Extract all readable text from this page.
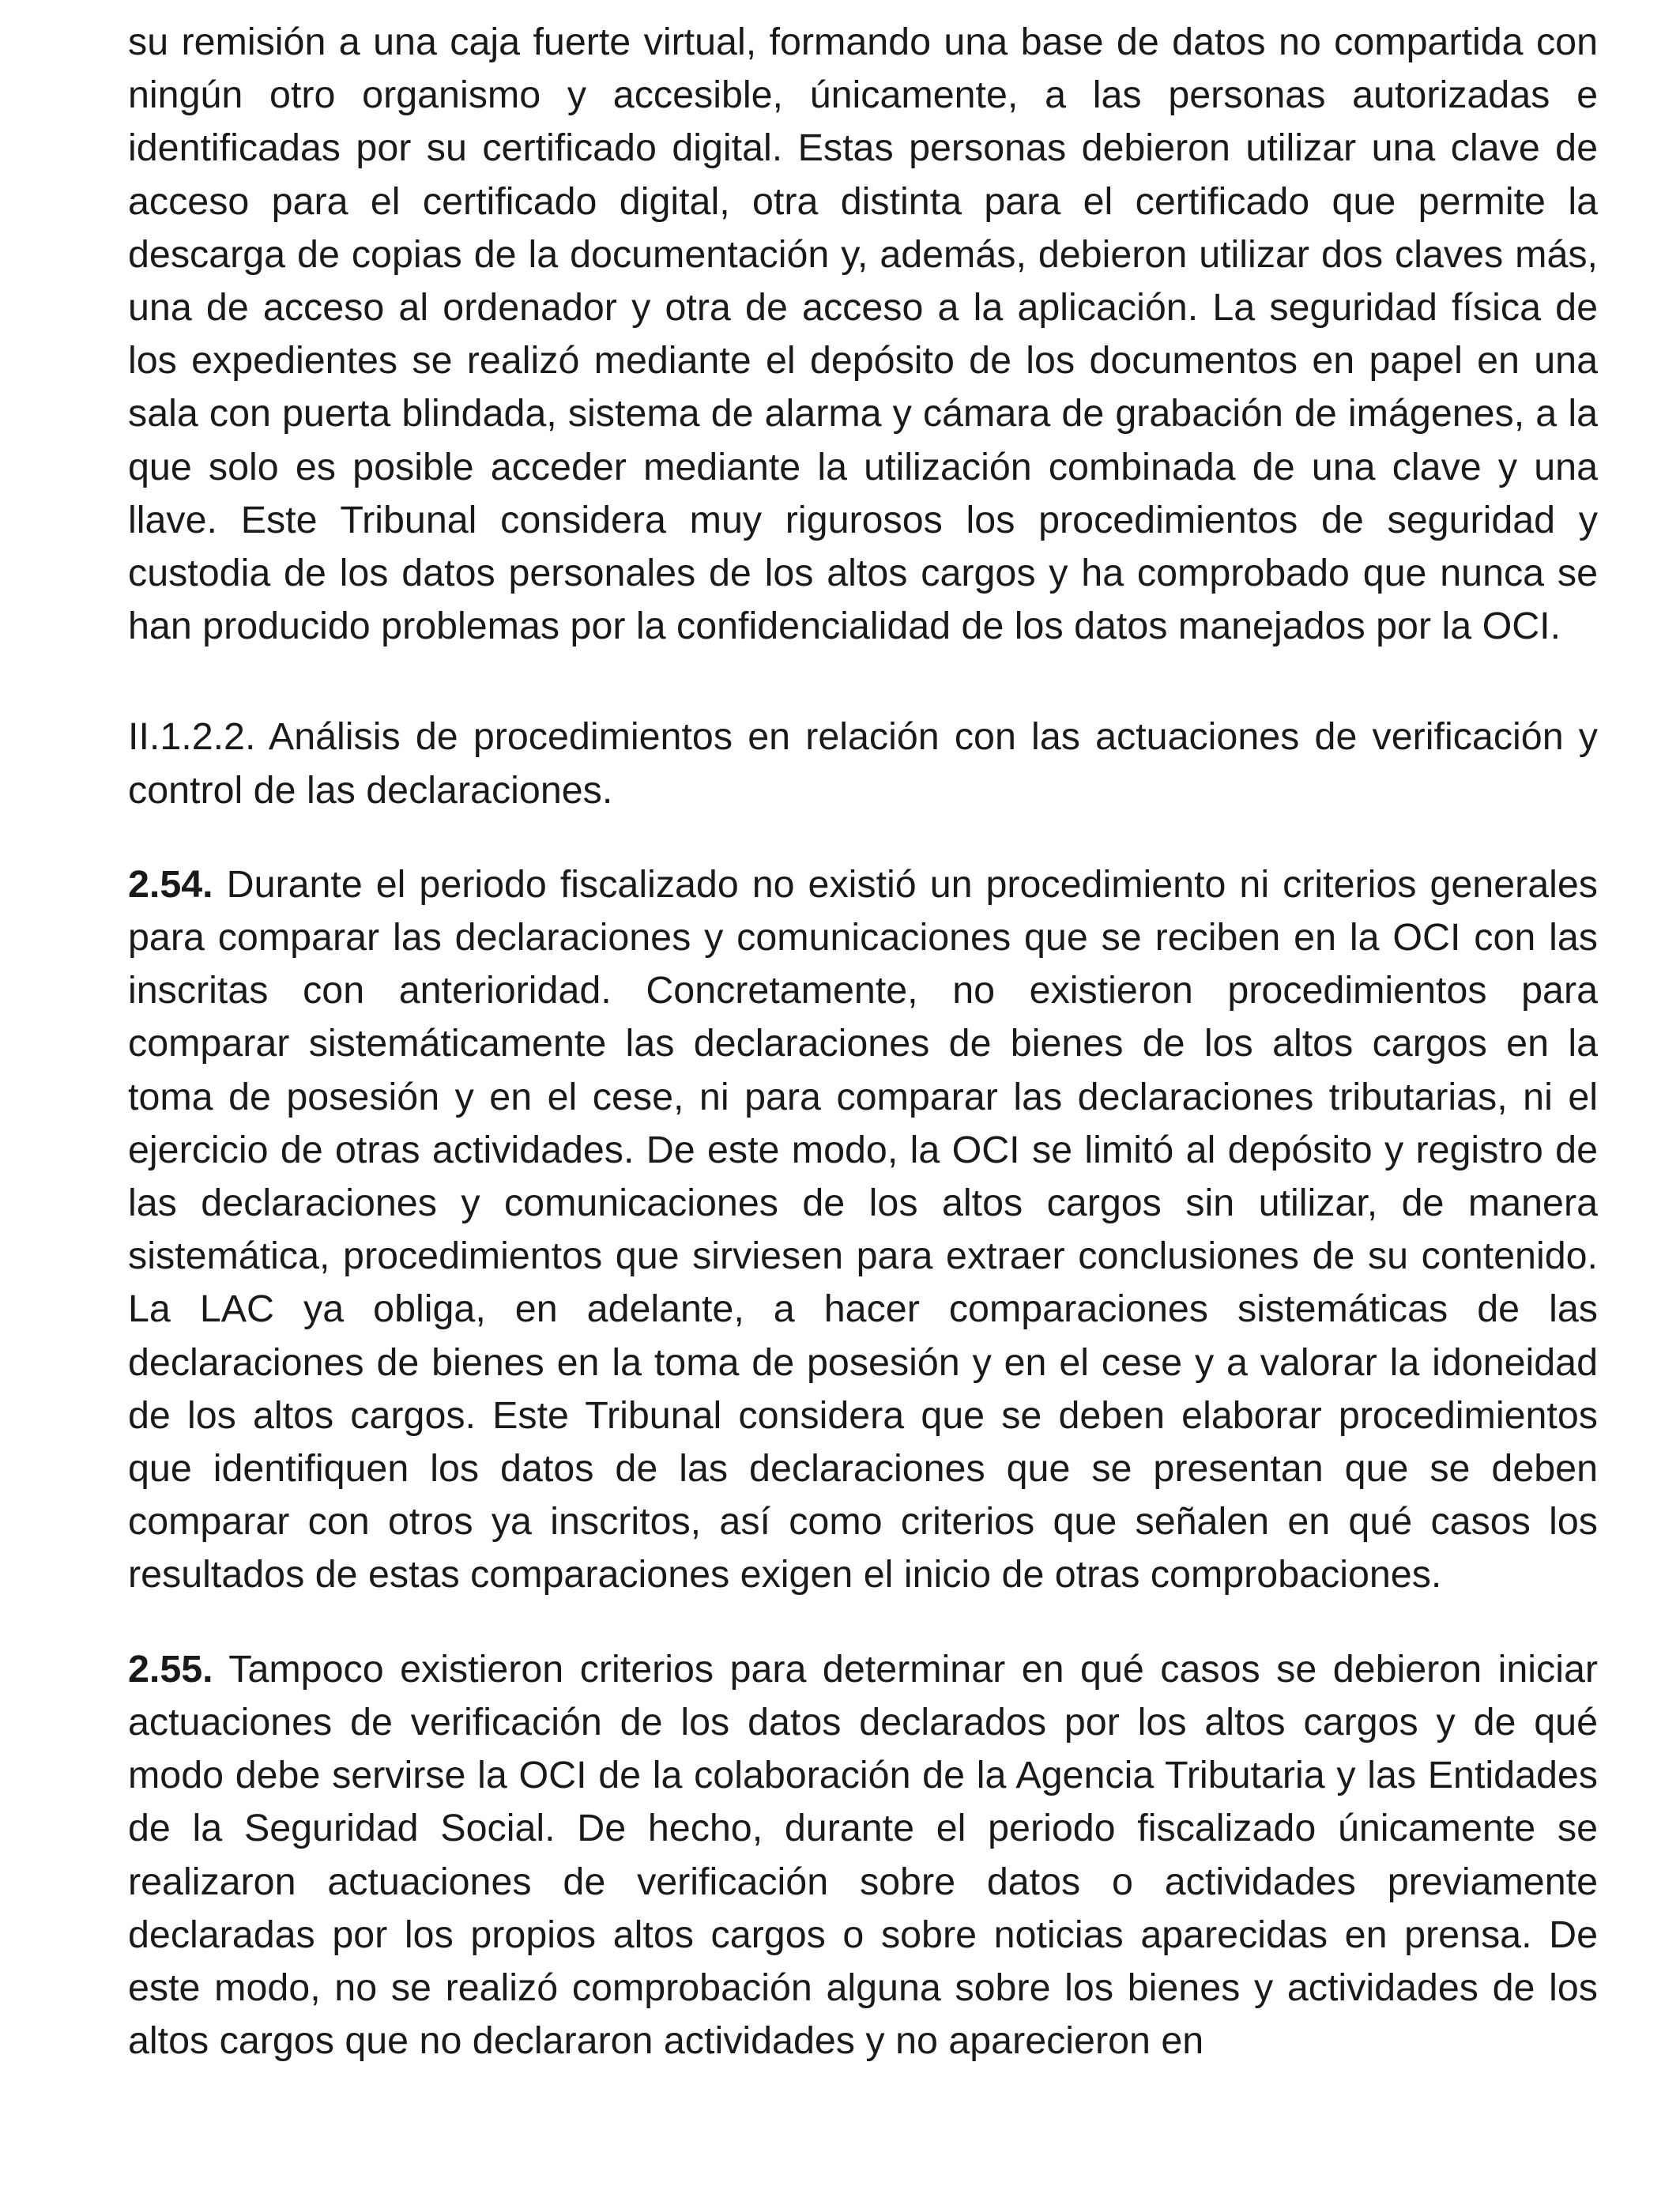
su remisión a una caja fuerte virtual, formando una base de datos no compartida con ningún otro organismo y accesible, únicamente, a las personas autorizadas e identificadas por su certificado digital. Estas personas debieron utilizar una clave de acceso para el certificado digital, otra distinta para el certificado que permite la descarga de copias de la documentación y, además, debieron utilizar dos claves más, una de acceso al ordenador y otra de acceso a la aplicación. La seguridad física de los expedientes se realizó mediante el depósito de los documentos en papel en una sala con puerta blindada, sistema de alarma y cámara de grabación de imágenes, a la que solo es posible acceder mediante la utilización combinada de una clave y una llave. Este Tribunal considera muy rigurosos los procedimientos de seguridad y custodia de los datos personales de los altos cargos y ha comprobado que nunca se han producido problemas por la confidencialidad de los datos manejados por la OCI.

II.1.2.2. Análisis de procedimientos en relación con las actuaciones de verificación y control de las declaraciones.

2.54. Durante el periodo fiscalizado no existió un procedimiento ni criterios generales para comparar las declaraciones y comunicaciones que se reciben en la OCI con las inscritas con anterioridad. Concretamente, no existieron procedimientos para comparar sistemáticamente las declaraciones de bienes de los altos cargos en la toma de posesión y en el cese, ni para comparar las declaraciones tributarias, ni el ejercicio de otras actividades. De este modo, la OCI se limitó al depósito y registro de las declaraciones y comunicaciones de los altos cargos sin utilizar, de manera sistemática, procedimientos que sirviesen para extraer conclusiones de su contenido. La LAC ya obliga, en adelante, a hacer comparaciones sistemáticas de las declaraciones de bienes en la toma de posesión y en el cese y a valorar la idoneidad de los altos cargos. Este Tribunal considera que se deben elaborar procedimientos que identifiquen los datos de las declaraciones que se presentan que se deben comparar con otros ya inscritos, así como criterios que señalen en qué casos los resultados de estas comparaciones exigen el inicio de otras comprobaciones.

2.55. Tampoco existieron criterios para determinar en qué casos se debieron iniciar actuaciones de verificación de los datos declarados por los altos cargos y de qué modo debe servirse la OCI de la colaboración de la Agencia Tributaria y las Entidades de la Seguridad Social. De hecho, durante el periodo fiscalizado únicamente se realizaron actuaciones de verificación sobre datos o actividades previamente declaradas por los propios altos cargos o sobre noticias aparecidas en prensa. De este modo, no se realizó comprobación alguna sobre los bienes y actividades de los altos cargos que no declararon actividades y no aparecieron en
